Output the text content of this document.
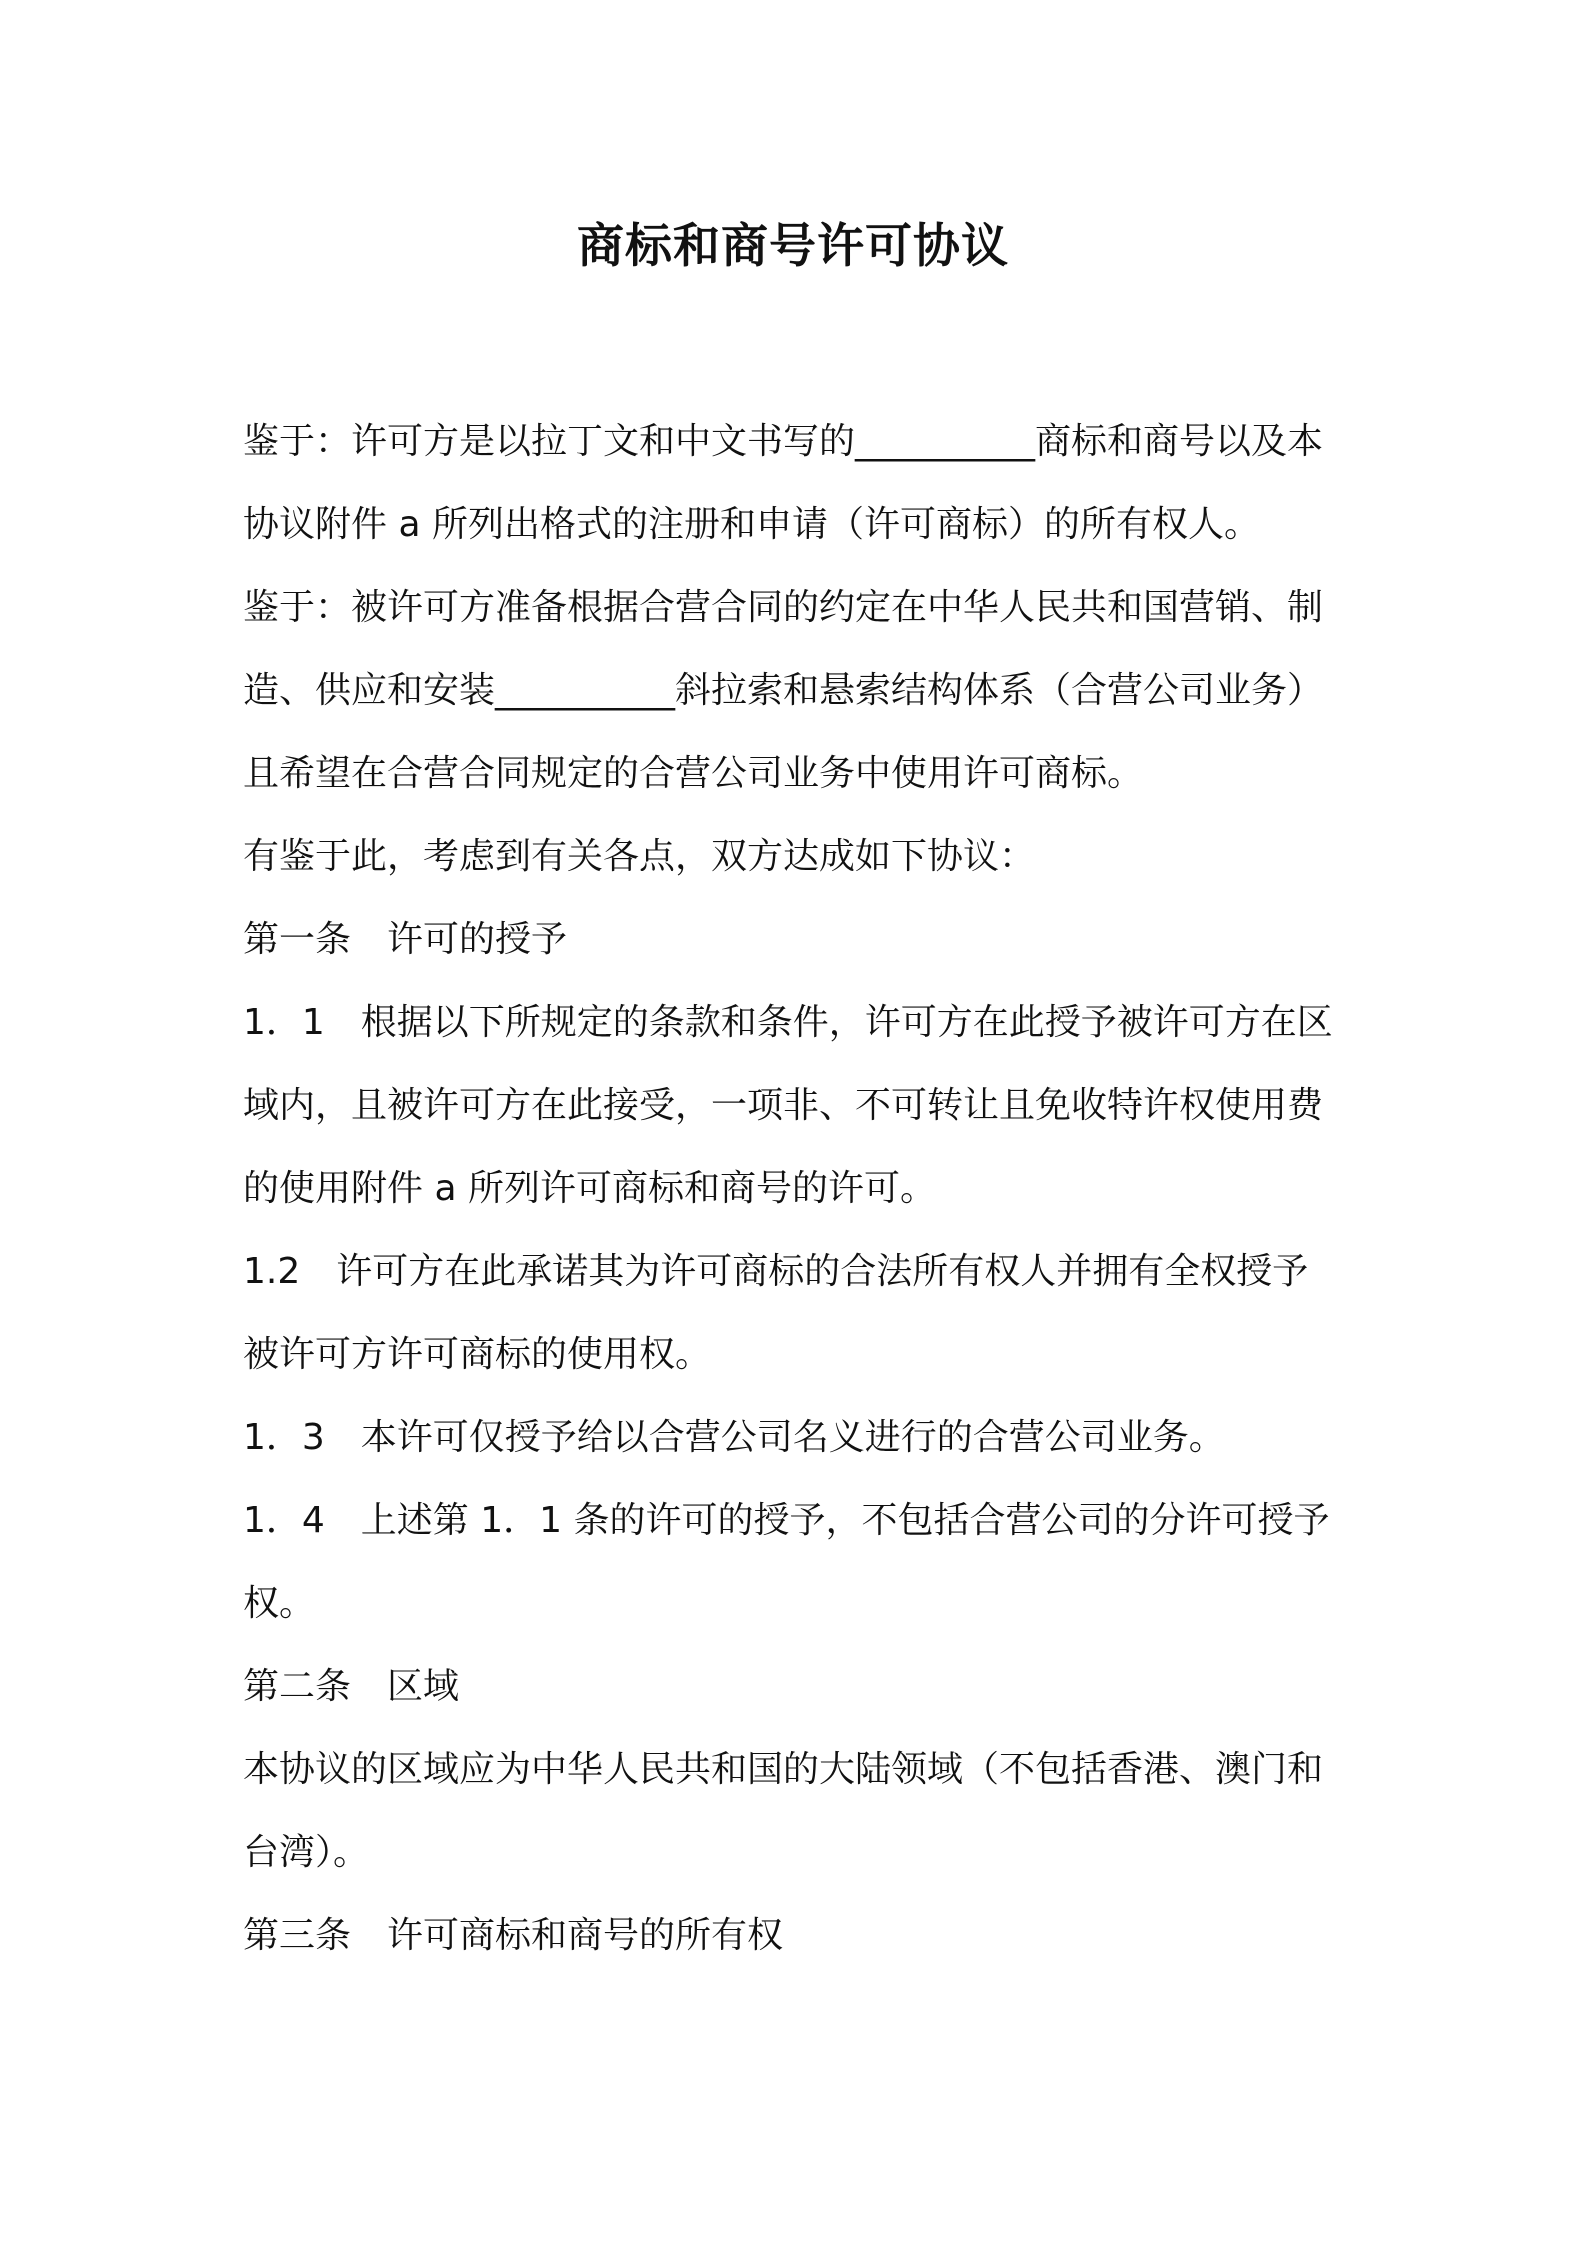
商标和商号许可协议

鉴于：许可方是以拉丁文和中文书写的__________商标和商号以及本
协议附件 a 所列出格式的注册和申请（许可商标）的所有权人。

鉴于：被许可方准备根据合营合同的约定在中华人民共和国营销、制
造、供应和安装__________斜拉索和悬索结构体系（合营公司业务）
且希望在合营合同规定的合营公司业务中使用许可商标。

有鉴于此，考虑到有关各点，双方达成如下协议：

第一条　许可的授予

1．1　根据以下所规定的条款和条件，许可方在此授予被许可方在区
域内，且被许可方在此接受，一项非、不可转让且免收特许权使用费
的使用附件 a 所列许可商标和商号的许可。

1.2　许可方在此承诺其为许可商标的合法所有权人并拥有全权授予
被许可方许可商标的使用权。

1．3　本许可仅授予给以合营公司名义进行的合营公司业务。

1．4　上述第 1．1 条的许可的授予，不包括合营公司的分许可授予
权。

第二条　区域

本协议的区域应为中华人民共和国的大陆领域（不包括香港、澳门和
台湾）。

第三条　许可商标和商号的所有权
